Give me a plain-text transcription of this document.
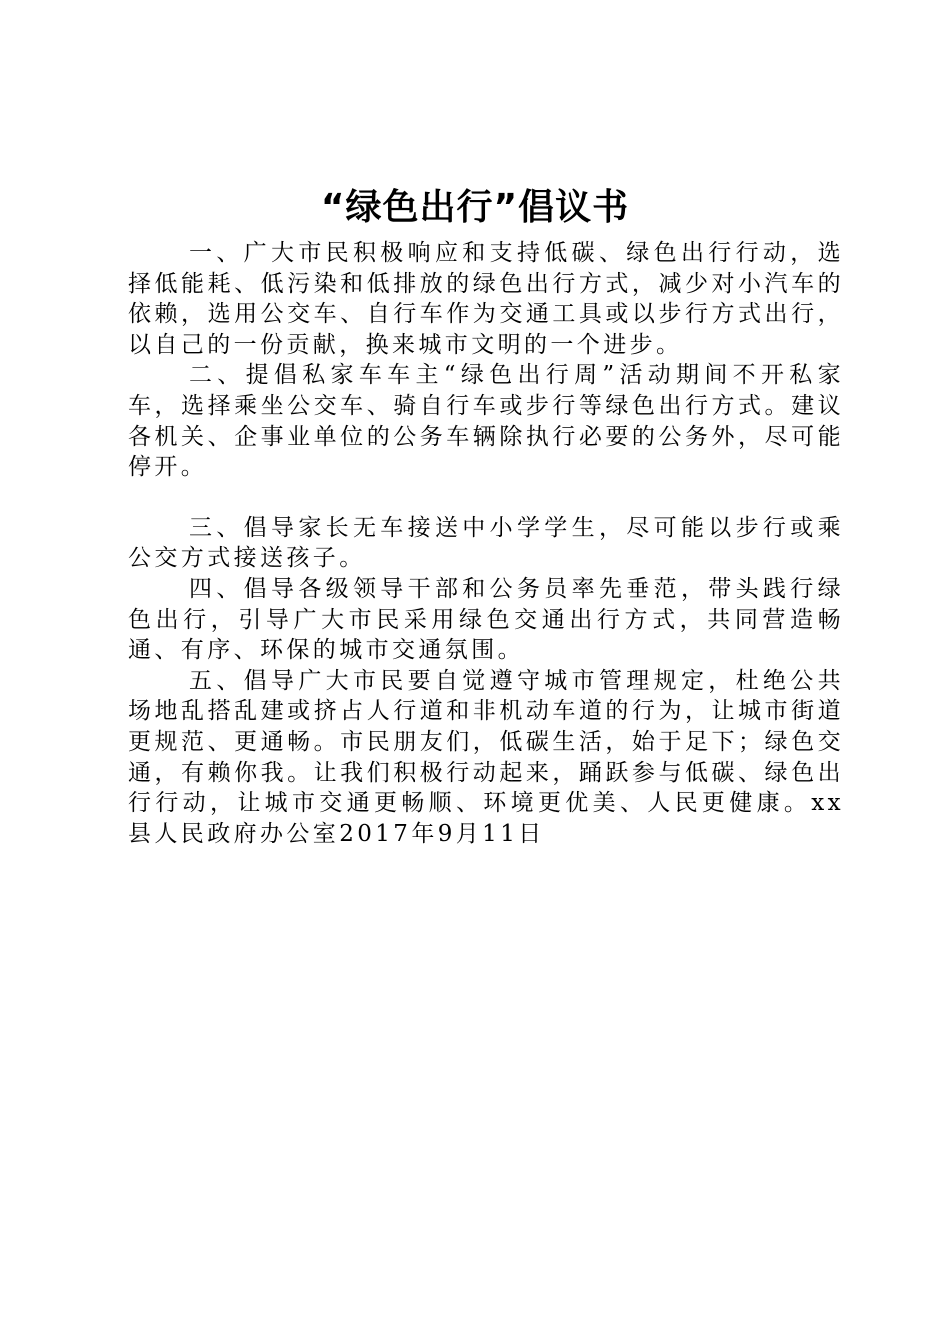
“绿色出行”倡议书

一、广大市民积极响应和支持低碳、绿色出行行动，选择低能耗、低污染和低排放的绿色出行方式，减少对小汽车的依赖，选用公交车、自行车作为交通工具或以步行方式出行，以自己的一份贡献，换来城市文明的一个进步。

二、提倡私家车车主“绿色出行周”活动期间不开私家车，选择乘坐公交车、骑自行车或步行等绿色出行方式。建议各机关、企事业单位的公务车辆除执行必要的公务外，尽可能停开。

三、倡导家长无车接送中小学学生，尽可能以步行或乘公交方式接送孩子。

四、倡导各级领导干部和公务员率先垂范，带头践行绿色出行，引导广大市民采用绿色交通出行方式，共同营造畅通、有序、环保的城市交通氛围。

五、倡导广大市民要自觉遵守城市管理规定，杜绝公共场地乱搭乱建或挤占人行道和非机动车道的行为，让城市街道更规范、更通畅。市民朋友们，低碳生活，始于足下；绿色交通，有赖你我。让我们积极行动起来，踊跃参与低碳、绿色出行行动，让城市交通更畅顺、环境更优美、人民更健康。xx县人民政府办公室2017年9月11日
